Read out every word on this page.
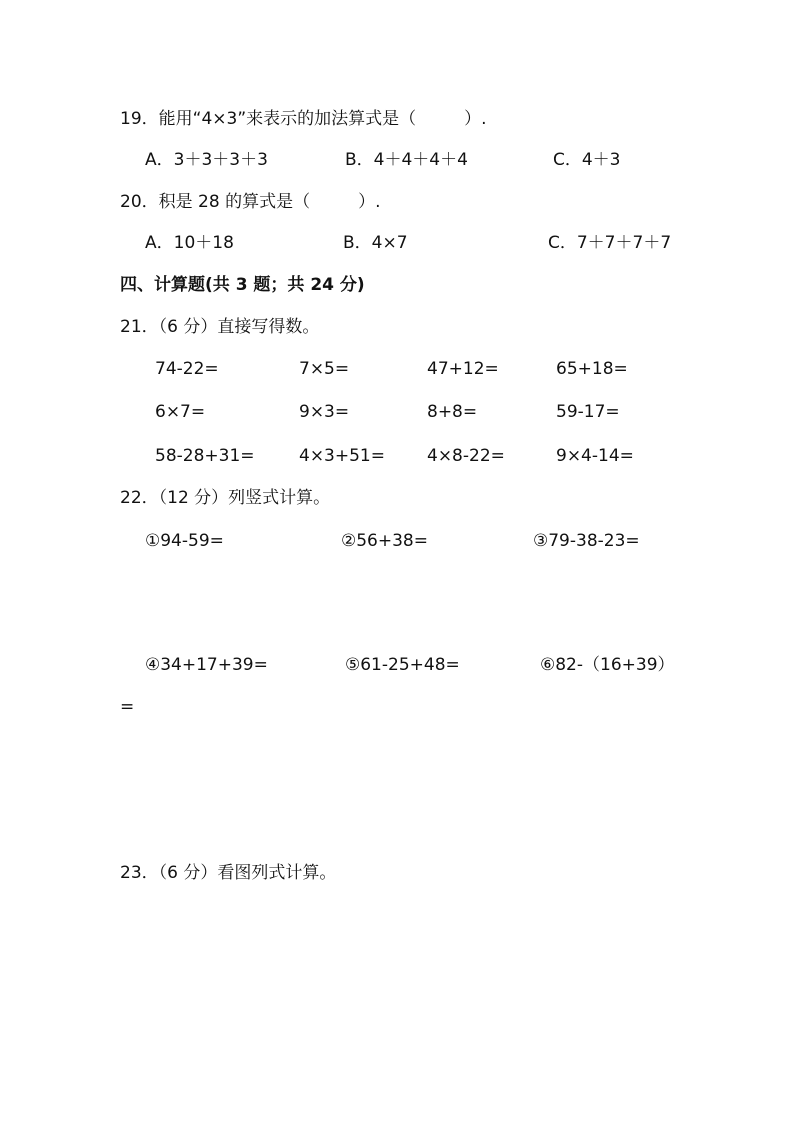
19．能用“4×3”来表示的加法算式是（	）.
A．3＋3＋3＋3	B．4＋4＋4＋4	C．4＋3
20．积是 28 的算式是（	）.
A．10＋18	B．4×7	C．7＋7＋7＋7
四、计算题(共 3 题；共 24 分)
21．（6 分）直接写得数。
74-22=	7×5=	47+12=	65+18=
6×7=	9×3=	8+8=	59-17=
58-28+31=	4×3+51= 4×8-22=	9×4-14=
22．（12 分）列竖式计算。
①94-59=	②56+38=	③79-38-23=
④34+17+39=	⑤61-25+48=	⑥82-（16+39）
=
23．（6 分）看图列式计算。
